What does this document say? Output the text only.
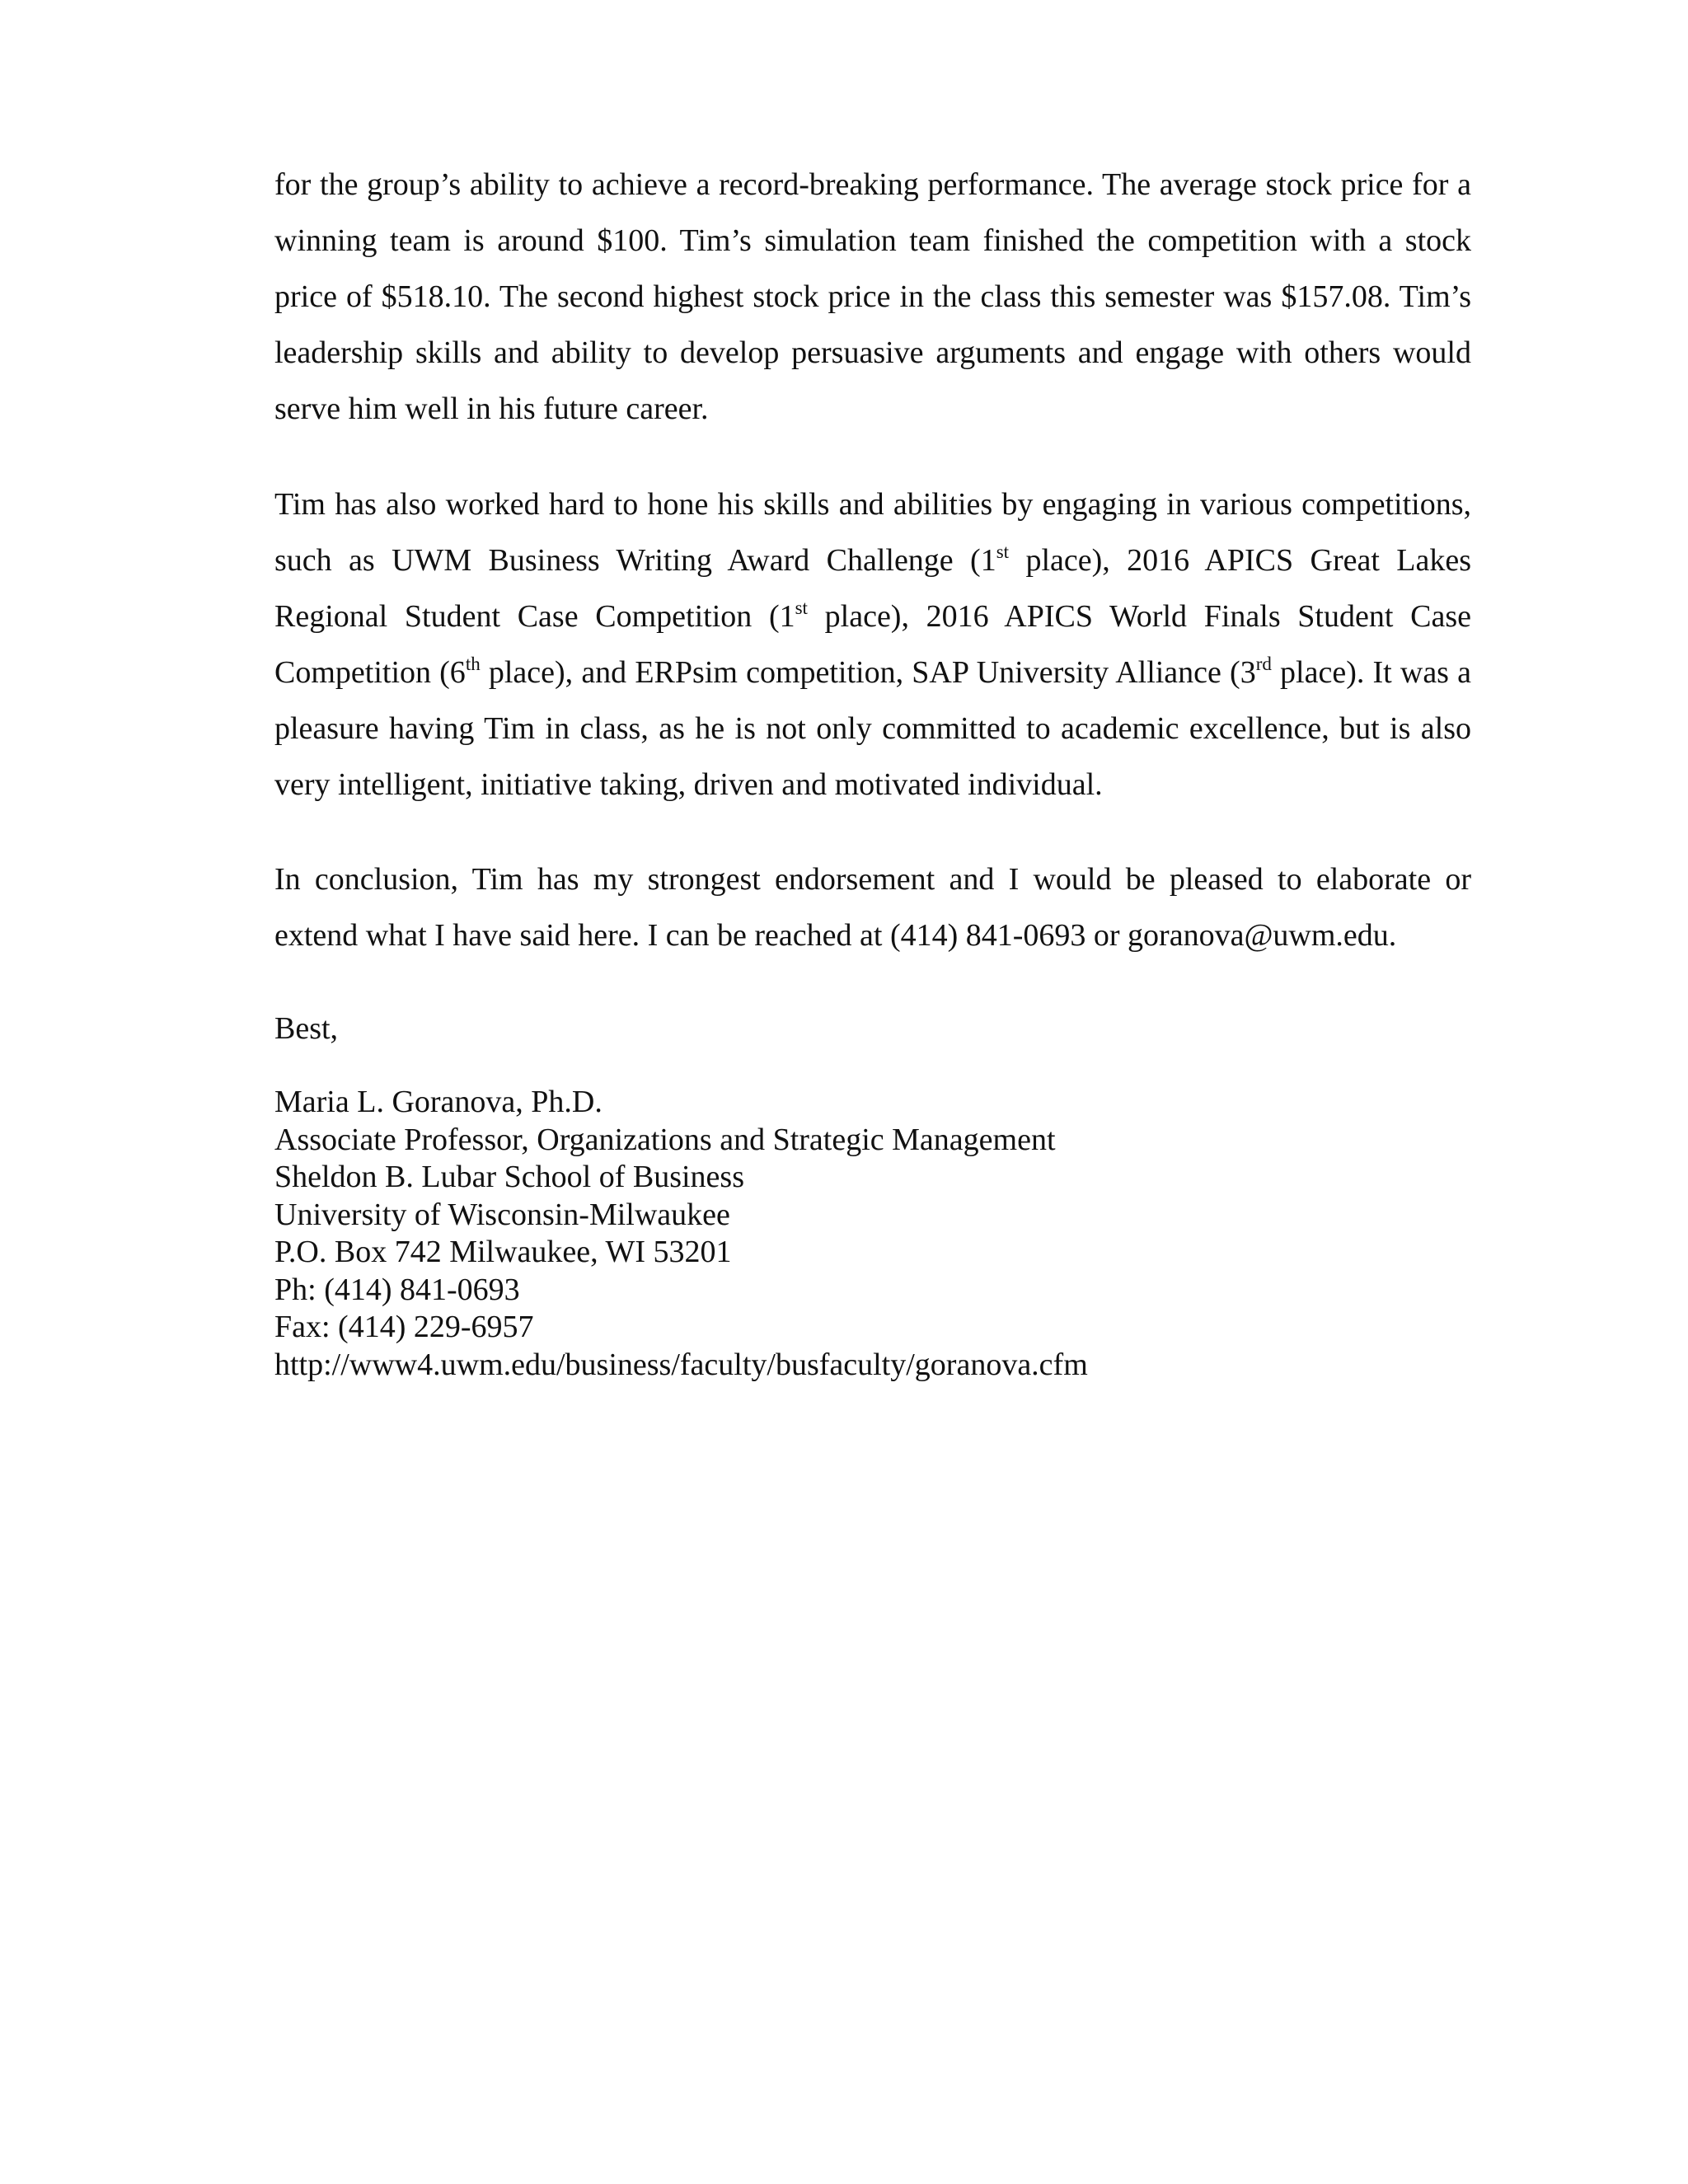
for the group’s ability to achieve a record-breaking performance. The average stock price for a winning team is around $100. Tim’s simulation team finished the competition with a stock price of $518.10. The second highest stock price in the class this semester was $157.08. Tim’s leadership skills and ability to develop persuasive arguments and engage with others would serve him well in his future career.

Tim has also worked hard to hone his skills and abilities by engaging in various competitions, such as UWM Business Writing Award Challenge (1st place), 2016 APICS Great Lakes Regional Student Case Competition (1st place), 2016 APICS World Finals Student Case Competition (6th place), and ERPsim competition, SAP University Alliance (3rd place). It was a pleasure having Tim in class, as he is not only committed to academic excellence, but is also very intelligent, initiative taking, driven and motivated individual.

In conclusion, Tim has my strongest endorsement and I would be pleased to elaborate or extend what I have said here. I can be reached at (414) 841-0693 or goranova@uwm.edu.

Best,

Maria L. Goranova, Ph.D.
Associate Professor, Organizations and Strategic Management
Sheldon B. Lubar School of Business
University of Wisconsin-Milwaukee
P.O. Box 742 Milwaukee, WI 53201
Ph: (414) 841-0693
Fax: (414) 229-6957
http://www4.uwm.edu/business/faculty/busfaculty/goranova.cfm
